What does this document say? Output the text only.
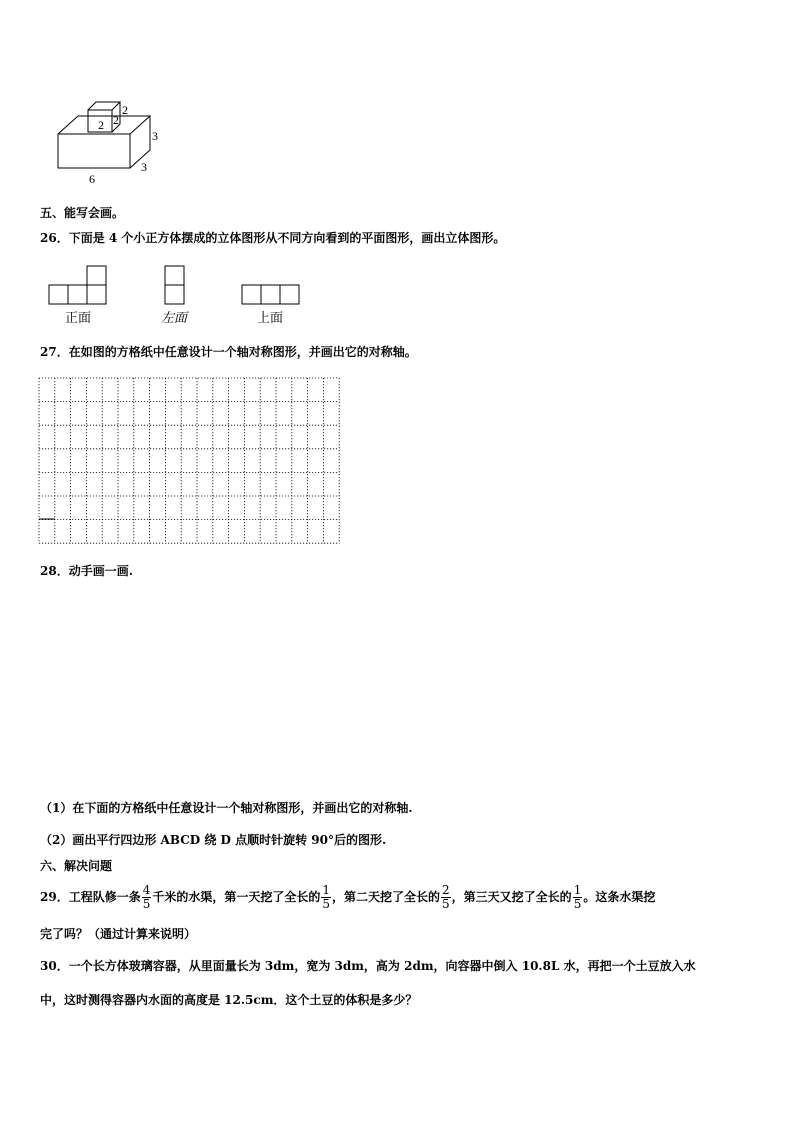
2 2
2
3
3
6
五、能写会画。
26．下面是 4 个小正方体摆成的立体图形从不同方向看到的平面图形，画出立体图形。
正面	左面	上面
27．在如图的方格纸中任意设计一个轴对称图形，并画出它的对称轴。
28．动手画一画.
（1）在下面的方格纸中任意设计一个轴对称图形，并画出它的对称轴.
（2）画出平行四边形 ABCD 绕 D 点顺时针旋转 90°后的图形.
六、解决问题
29．工程队修一条 $\frac{4}{5}$ 千米的水渠，第一天挖了全长的 $\frac{1}{5}$ ，第二天挖了全长的 $\frac{2}{5}$ ，第三天又挖了全长的 $\frac{1}{5}$ 。这条水渠挖
完了吗？（通过计算来说明）
30．一个长方体玻璃容器，从里面量长为 3dm，宽为 3dm，高为 2dm，向容器中倒入 10.8L 水，再把一个土豆放入水
中，这时测得容器内水面的高度是 12.5cm．这个土豆的体积是多少？
